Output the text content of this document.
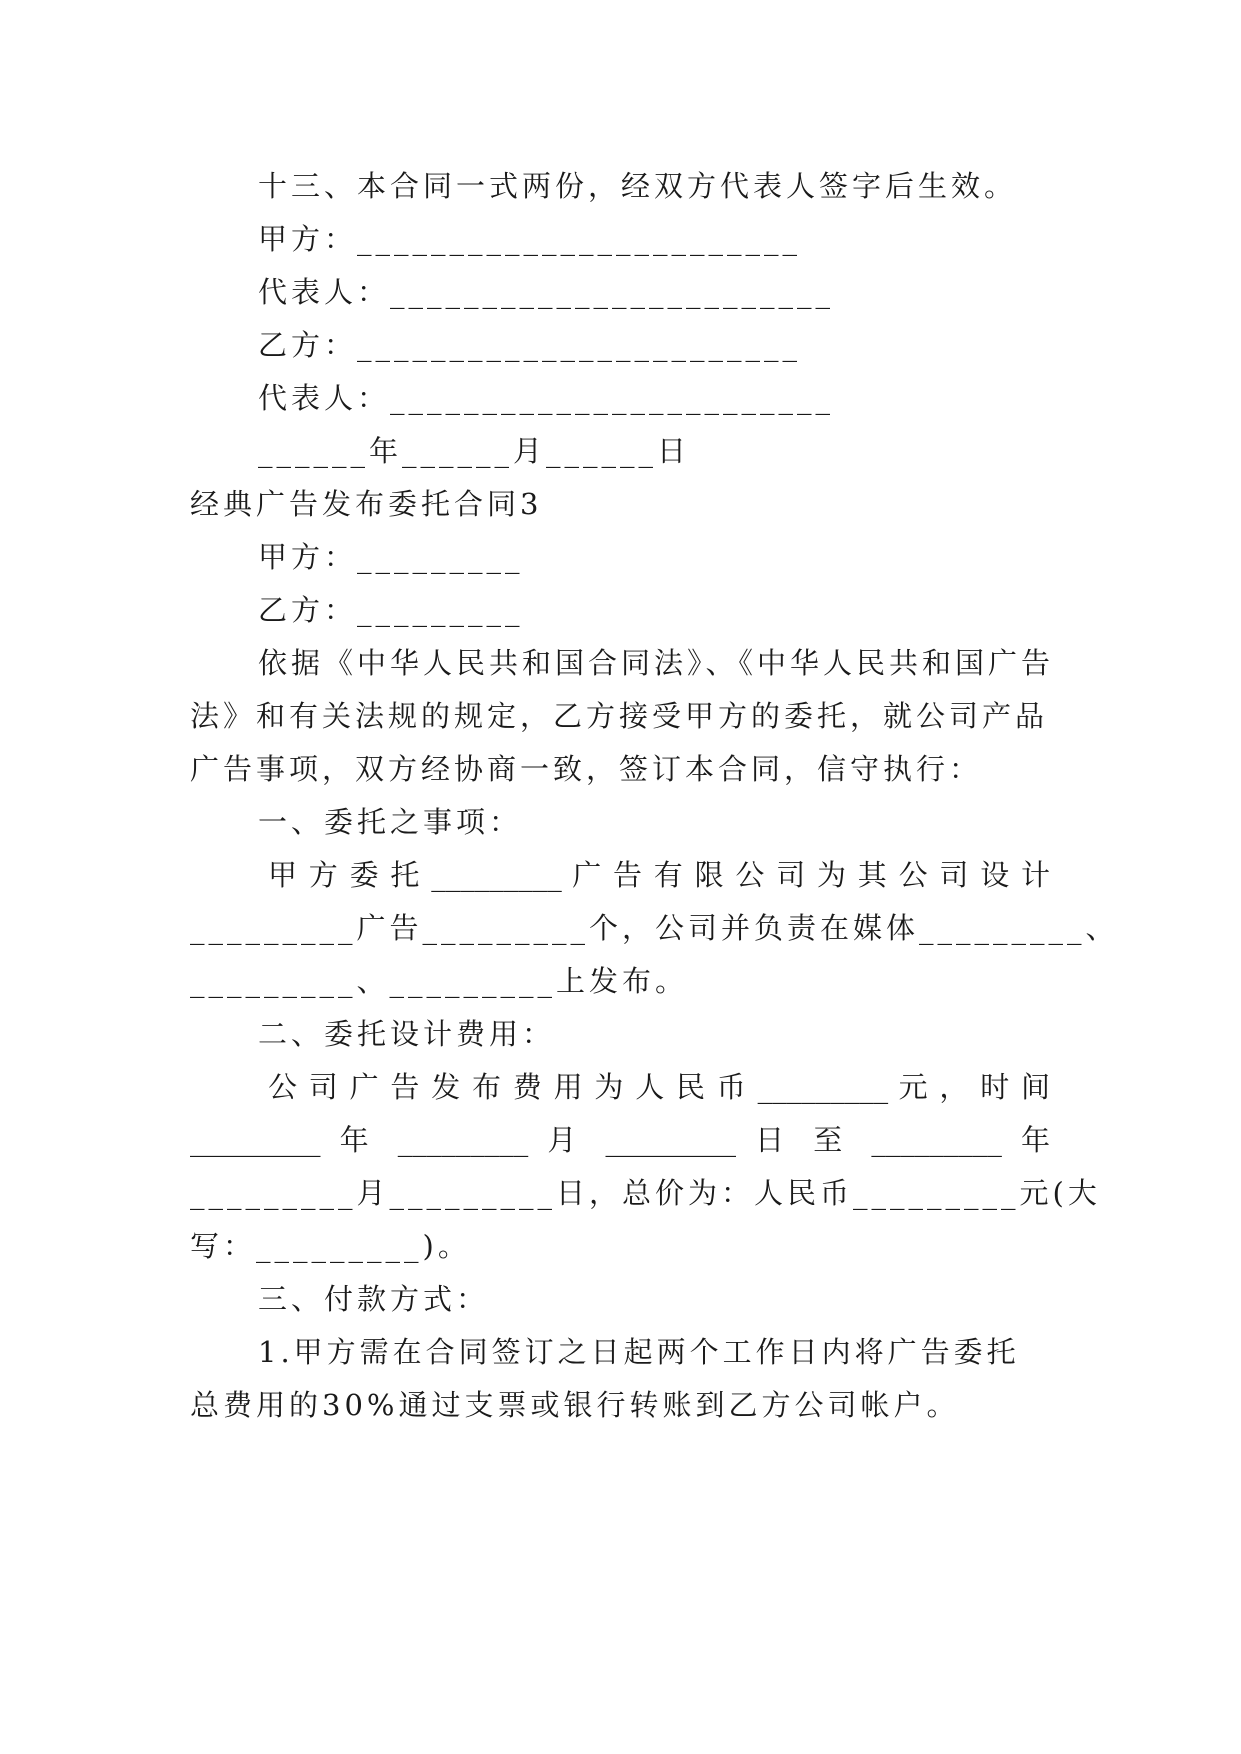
十三、本合同一式两份，经双方代表人签字后生效。
甲方：________________________
代表人：________________________
乙方：________________________
代表人：________________________
______年______月______日
经典广告发布委托合同3
甲方：_________
乙方：_________
依据《中华人民共和国合同法》、《中华人民共和国广告
法》和有关法规的规定，乙方接受甲方的委托，就公司产品
广告事项，双方经协商一致，签订本合同，信守执行：
一、委托之事项：
甲 方 委 托 _________ 广 告 有 限 公 司 为 其 公 司 设 计
_________广告_________个，公司并负责在媒体_________、
_________、_________上发布。
二、委托设计费用：
公 司 广 告 发 布 费 用 为 人 民 币 _________ 元 ， 时 间
_________ 年 _________ 月 _________ 日 至 _________ 年
_________月_________日，总价为：人民币_________元(大
写：_________)。
三、付款方式：
1.甲方需在合同签订之日起两个工作日内将广告委托
总费用的30%通过支票或银行转账到乙方公司帐户。
